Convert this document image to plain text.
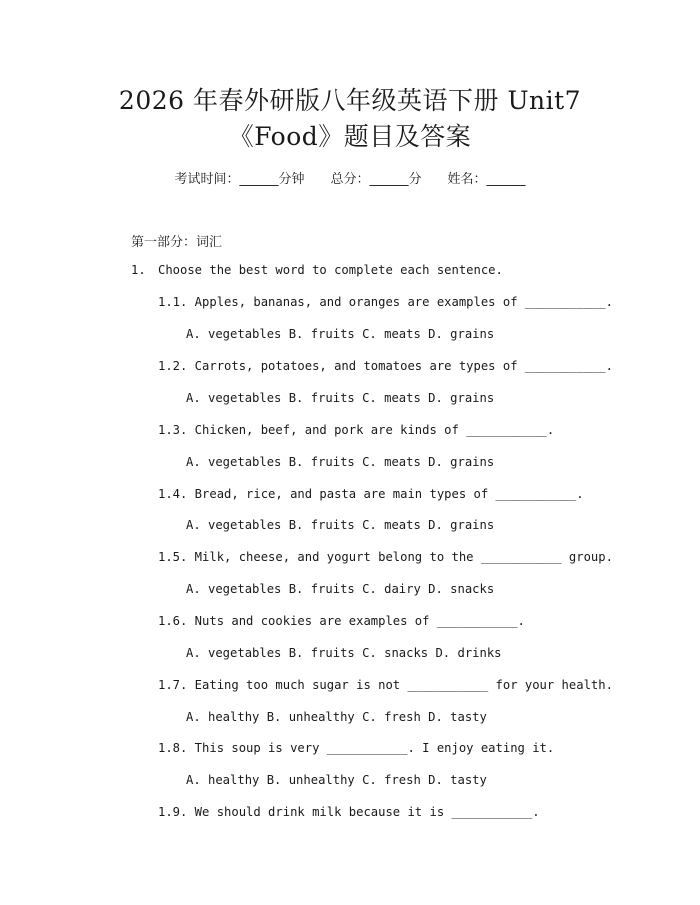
2026 年春外研版八年级英语下册 Unit7
《Food》题目及答案
考试时间：______分钟 总分：______分 姓名：______
第一部分：词汇
1. Choose the best word to complete each sentence.
1.1. Apples, bananas, and oranges are examples of ___________.
A. vegetables B. fruits C. meats D. grains
1.2. Carrots, potatoes, and tomatoes are types of ___________.
A. vegetables B. fruits C. meats D. grains
1.3. Chicken, beef, and pork are kinds of ___________.
A. vegetables B. fruits C. meats D. grains
1.4. Bread, rice, and pasta are main types of ___________.
A. vegetables B. fruits C. meats D. grains
1.5. Milk, cheese, and yogurt belong to the ___________ group.
A. vegetables B. fruits C. dairy D. snacks
1.6. Nuts and cookies are examples of ___________.
A. vegetables B. fruits C. snacks D. drinks
1.7. Eating too much sugar is not ___________ for your health.
A. healthy B. unhealthy C. fresh D. tasty
1.8. This soup is very ___________. I enjoy eating it.
A. healthy B. unhealthy C. fresh D. tasty
1.9. We should drink milk because it is ___________.
